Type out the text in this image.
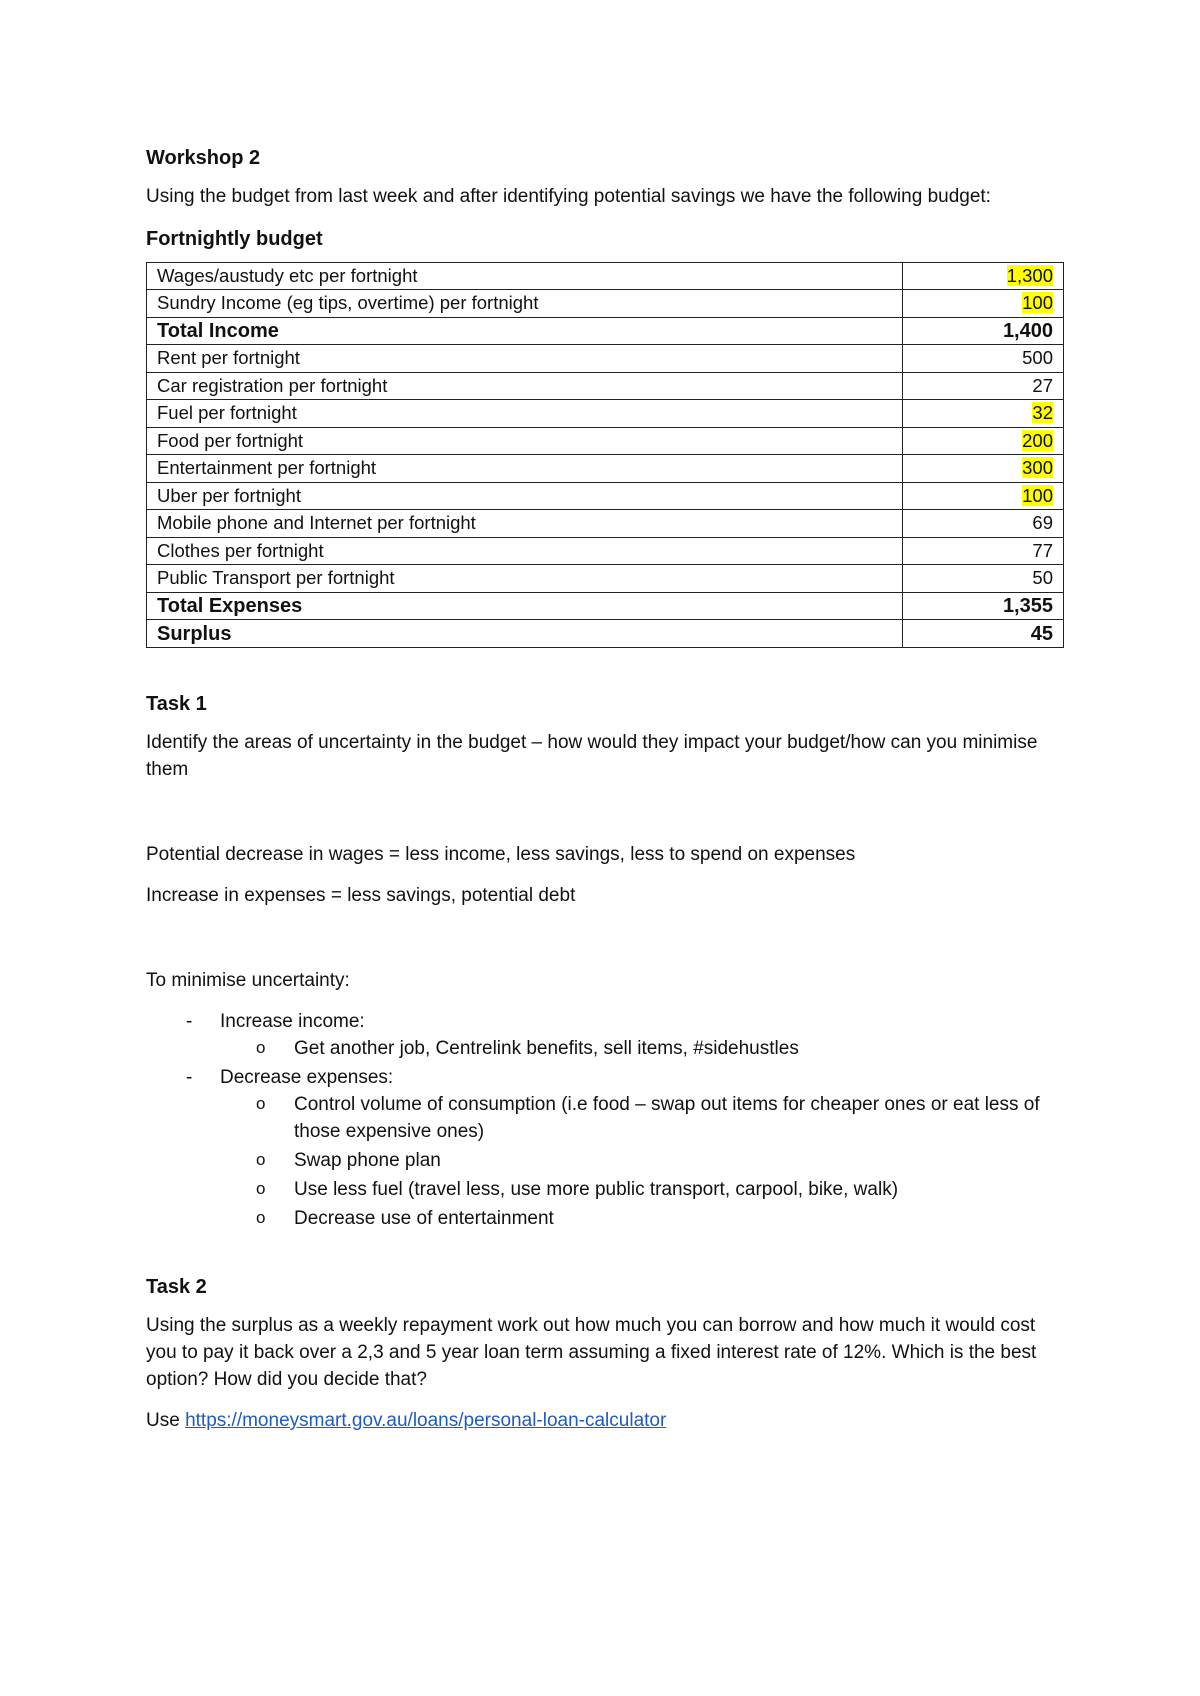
Workshop 2

Using the budget from last week and after identifying potential savings we have the following budget:

Fortnightly budget
Wages/austudy etc per fortnight	1,300
Sundry Income (eg tips, overtime) per fortnight	100
Total Income	1,400
Rent per fortnight	500
Car registration per fortnight	27
Fuel per fortnight	32
Food per fortnight	200
Entertainment per fortnight	300
Uber per fortnight	100
Mobile phone and Internet per fortnight	69
Clothes per fortnight	77
Public Transport per fortnight	50
Total Expenses	1,355
Surplus	45
Task 1

Identify the areas of uncertainty in the budget – how would they impact your budget/how can you minimise them

Potential decrease in wages = less income, less savings, less to spend on expenses

Increase in expenses = less savings, potential debt

To minimise uncertainty:

- Increase income:
o Get another job, Centrelink benefits, sell items, #sidehustles
- Decrease expenses:
o Control volume of consumption (i.e food – swap out items for cheaper ones or eat less of those expensive ones)
o Swap phone plan
o Use less fuel (travel less, use more public transport, carpool, bike, walk)
o Decrease use of entertainment
Task 2

Using the surplus as a weekly repayment work out how much you can borrow and how much it would cost you to pay it back over a 2,3 and 5 year loan term assuming a fixed interest rate of 12%. Which is the best option? How did you decide that?

Use https://moneysmart.gov.au/loans/personal-loan-calculator
